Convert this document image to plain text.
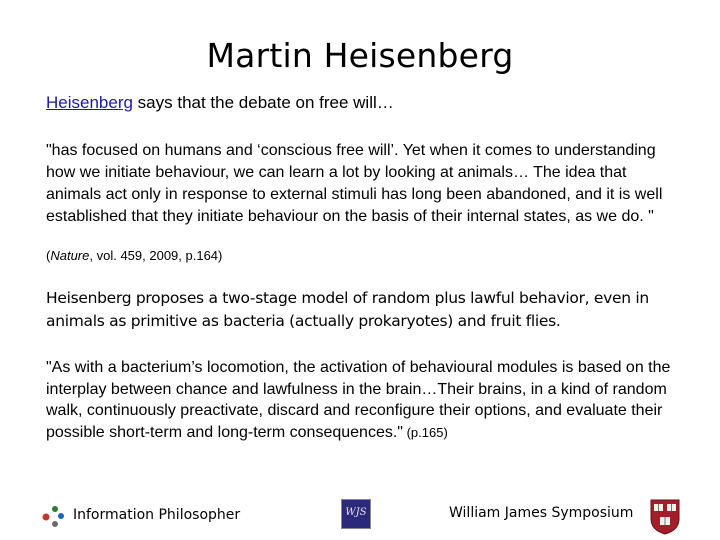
Martin Heisenberg
Heisenberg says that the debate on free will…
"has focused on humans and ‘conscious free will’. Yet when it comes to understanding how we initiate behaviour, we can learn a lot by looking at animals… The idea that animals act only in response to external stimuli has long been abandoned, and it is well established that they initiate behaviour on the basis of their internal states, as we do. "
(Nature, vol. 459, 2009, p.164)
Heisenberg proposes a two-stage model of random plus lawful behavior, even in animals as primitive as bacteria (actually prokaryotes) and fruit flies.
"As with a bacterium’s locomotion, the activation of behavioural modules is based on the interplay between chance and lawfulness in the brain…Their brains, in a kind of random walk, continuously preactivate, discard and reconfigure their options, and evaluate their possible short-term and long-term consequences." (p.165)
Information Philosopher	WJS	William James Symposium
